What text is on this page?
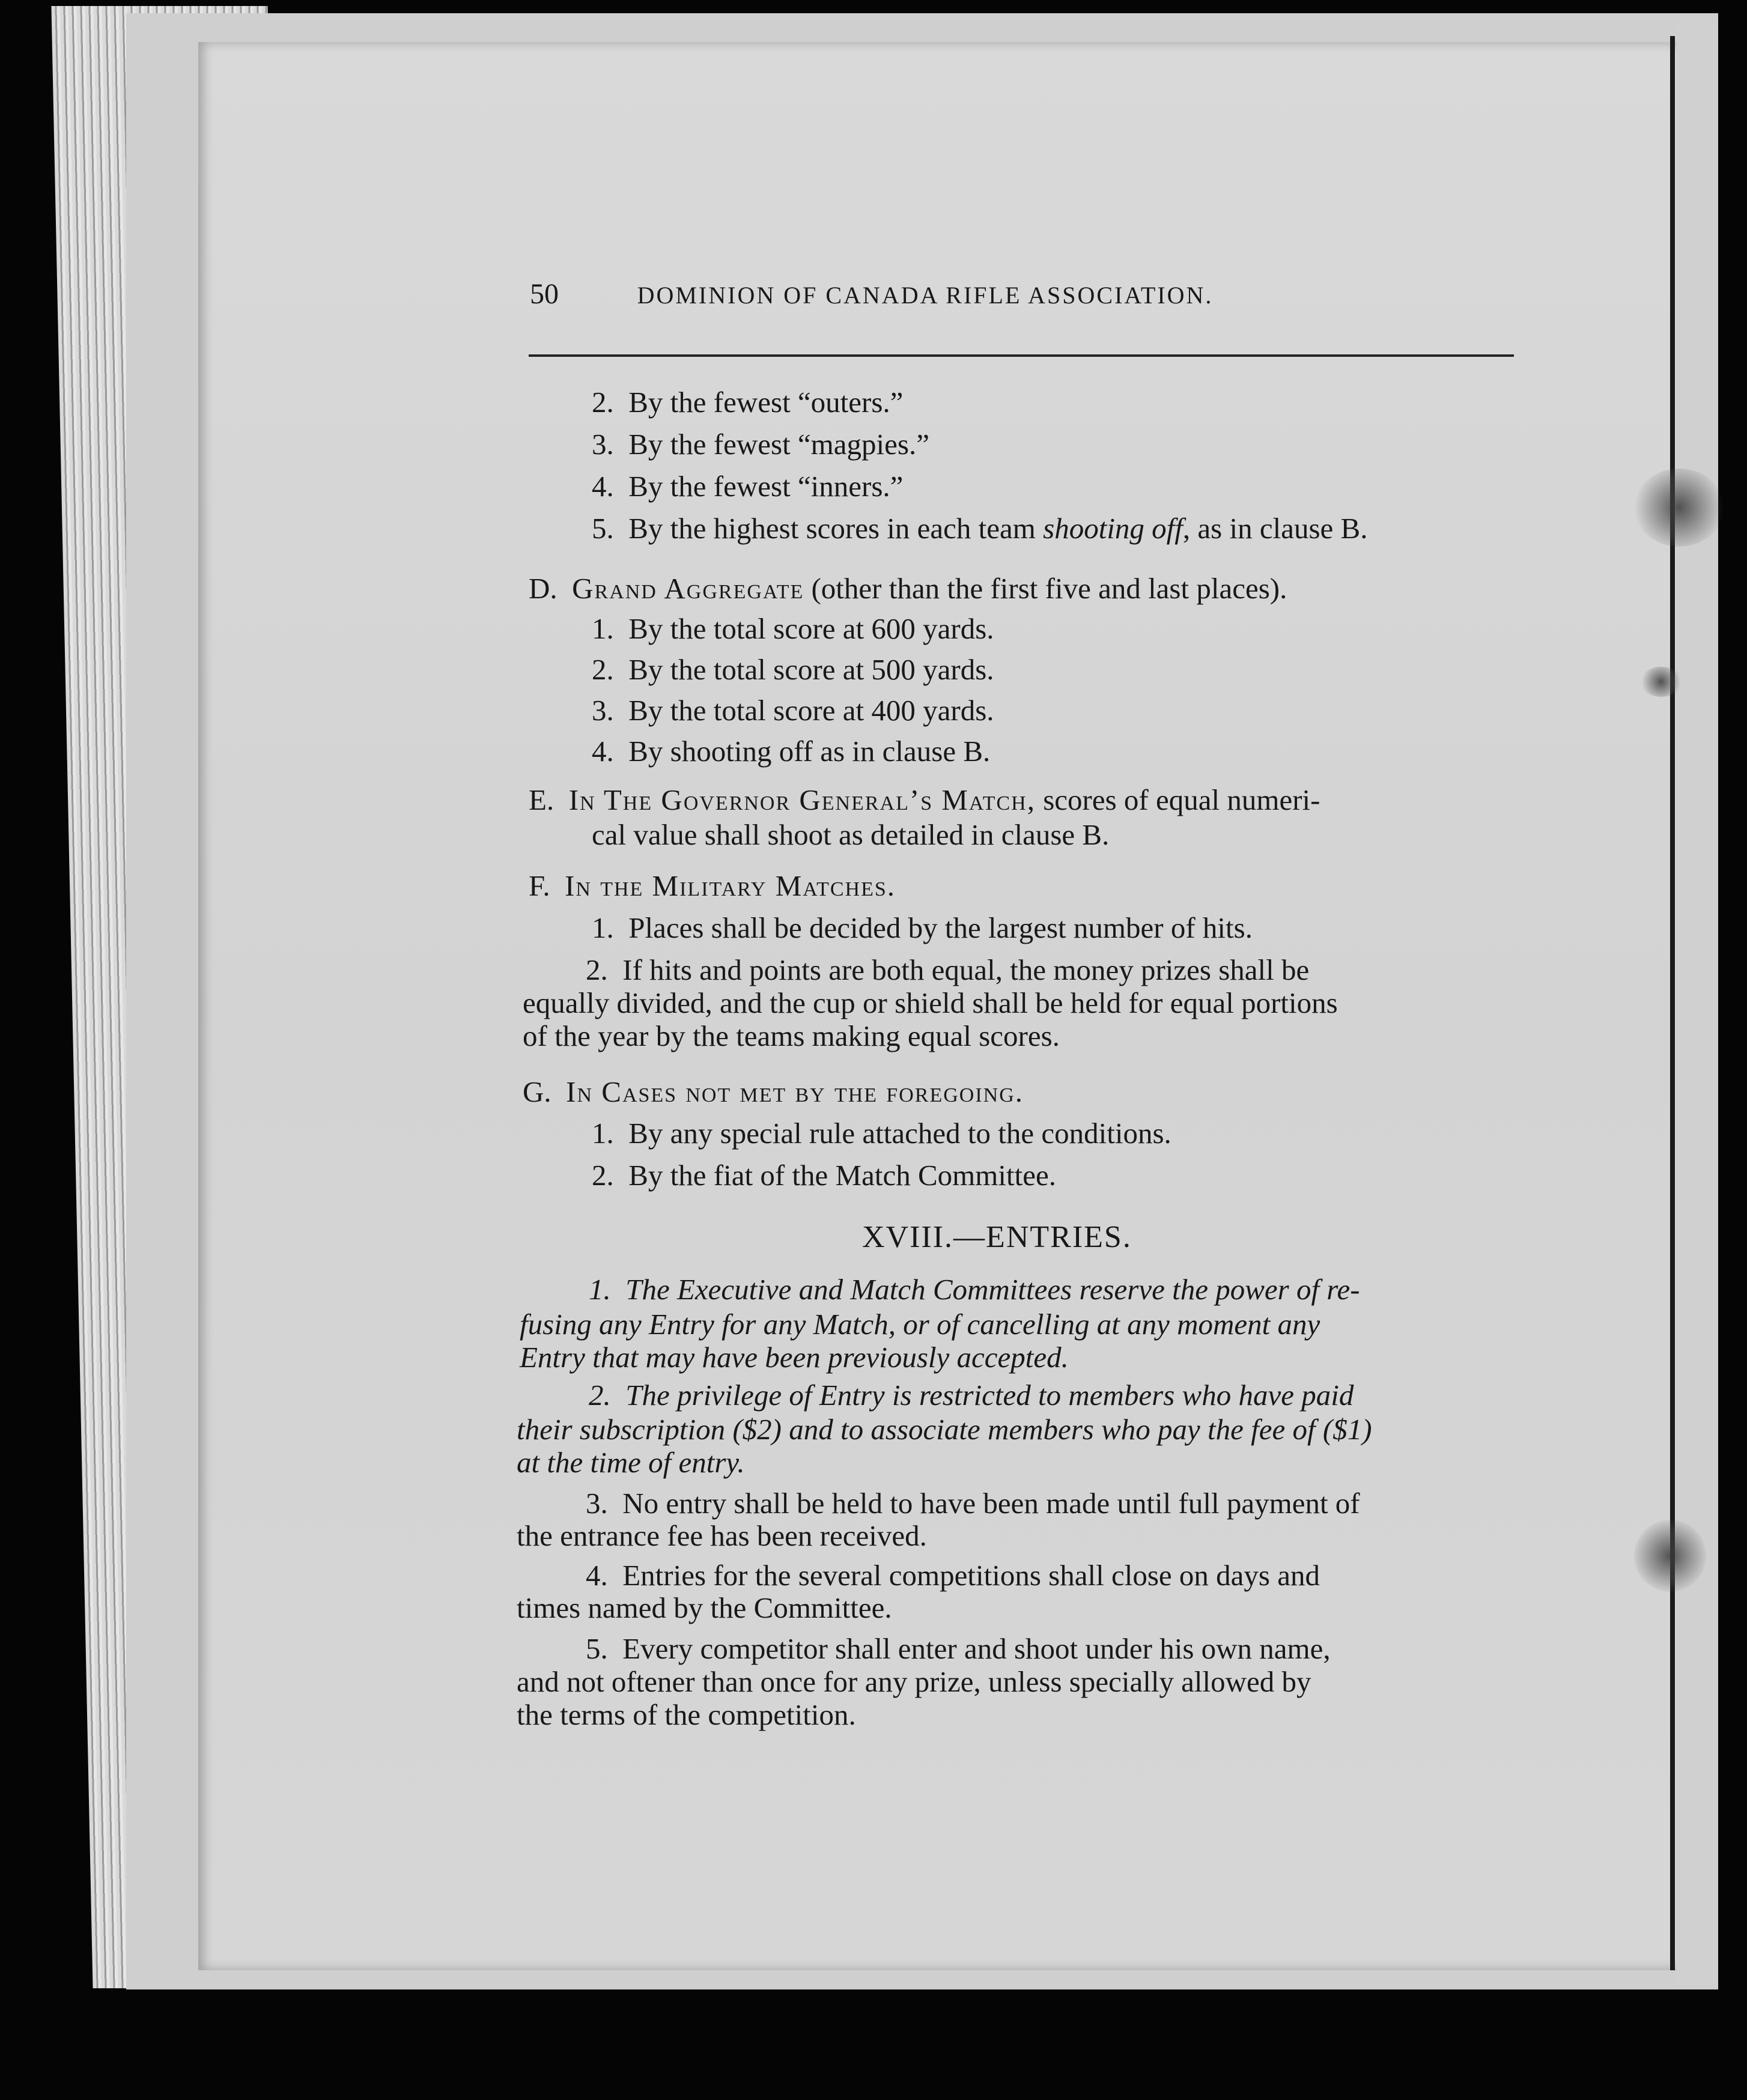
50	DOMINION OF CANADA RIFLE ASSOCIATION.
2. By the fewest “outers.”
3. By the fewest “magpies.”
4. By the fewest “inners.”
5. By the highest scores in each team shooting off, as in clause B.
D. Grand Aggregate (other than the first five and last places).
1. By the total score at 600 yards.
2. By the total score at 500 yards.
3. By the total score at 400 yards.
4. By shooting off as in clause B.
E. In The Governor General’s Match, scores of equal numeri-
cal value shall shoot as detailed in clause B.
F. In the Military Matches.
1. Places shall be decided by the largest number of hits.
2. If hits and points are both equal, the money prizes shall be
equally divided, and the cup or shield shall be held for equal portions
of the year by the teams making equal scores.
G. In Cases not met by the foregoing.
1. By any special rule attached to the conditions.
2. By the fiat of the Match Committee.
XVIII.—ENTRIES.
1. The Executive and Match Committees reserve the power of re-
fusing any Entry for any Match, or of cancelling at any moment any
Entry that may have been previously accepted.
2. The privilege of Entry is restricted to members who have paid
their subscription ($2) and to associate members who pay the fee of ($1)
at the time of entry.
3. No entry shall be held to have been made until full payment of
the entrance fee has been received.
4. Entries for the several competitions shall close on days and
times named by the Committee.
5. Every competitor shall enter and shoot under his own name,
and not oftener than once for any prize, unless specially allowed by
the terms of the competition.
